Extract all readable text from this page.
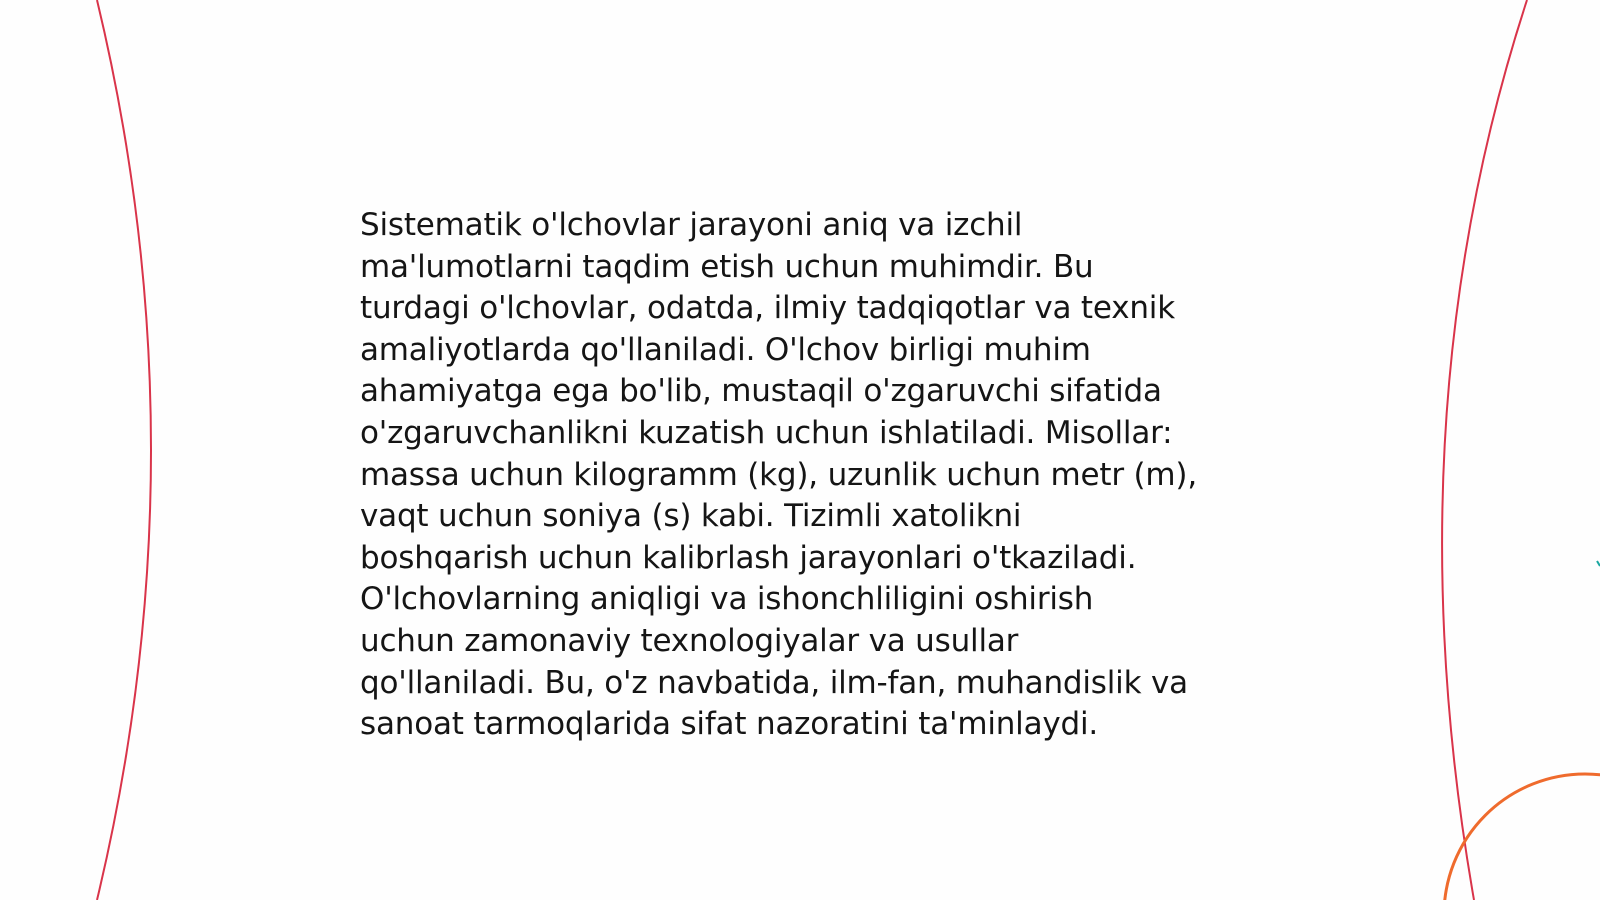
Sistematik o'lchovlar jarayoni aniq va izchil
ma'lumotlarni taqdim etish uchun muhimdir. Bu
turdagi o'lchovlar, odatda, ilmiy tadqiqotlar va texnik
amaliyotlarda qo'llaniladi. O'lchov birligi muhim
ahamiyatga ega bo'lib, mustaqil o'zgaruvchi sifatida
o'zgaruvchanlikni kuzatish uchun ishlatiladi. Misollar:
massa uchun kilogramm (kg), uzunlik uchun metr (m),
vaqt uchun soniya (s) kabi. Tizimli xatolikni
boshqarish uchun kalibrlash jarayonlari o'tkaziladi.
O'lchovlarning aniqligi va ishonchliligini oshirish
uchun zamonaviy texnologiyalar va usullar
qo'llaniladi. Bu, o'z navbatida, ilm-fan, muhandislik va
sanoat tarmoqlarida sifat nazoratini ta'minlaydi.
